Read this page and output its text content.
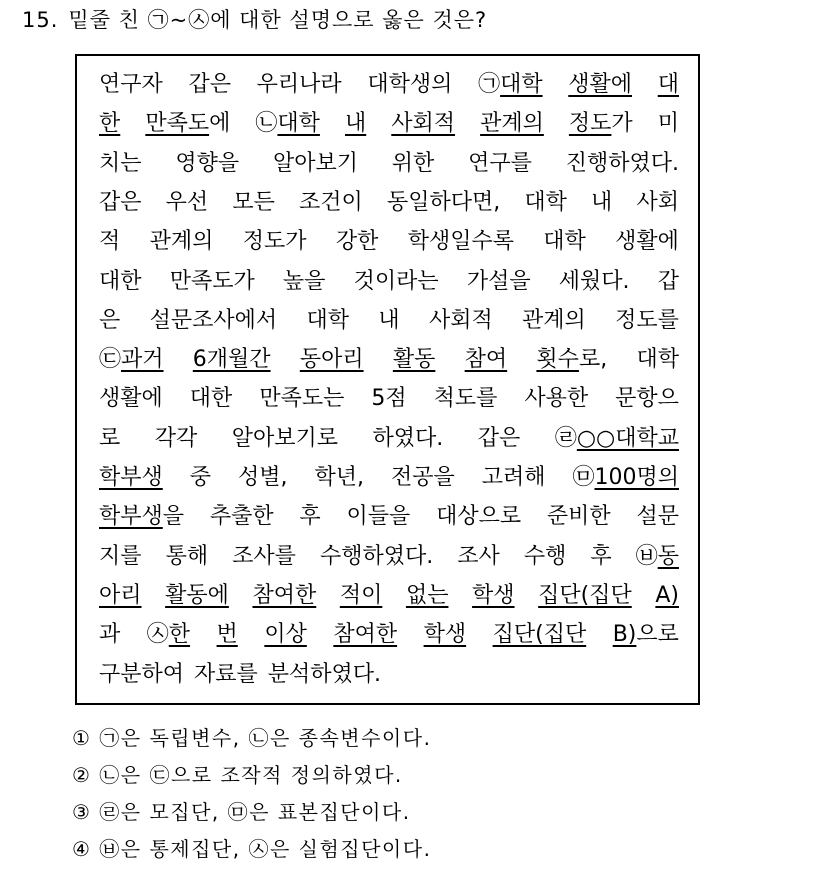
15. 밑줄 친 ㉠~㉦에 대한 설명으로 옳은 것은?
연구자 갑은 우리나라 대학생의 ㉠대학 생활에 대
한 만족도에 ㉡대학 내 사회적 관계의 정도가 미
치는 영향을 알아보기 위한 연구를 진행하였다.
갑은 우선 모든 조건이 동일하다면, 대학 내 사회
적 관계의 정도가 강한 학생일수록 대학 생활에
대한 만족도가 높을 것이라는 가설을 세웠다. 갑
은 설문조사에서 대학 내 사회적 관계의 정도를
㉢과거 6개월간 동아리 활동 참여 횟수로, 대학
생활에 대한 만족도는 5점 척도를 사용한 문항으
로 각각 알아보기로 하였다. 갑은 ㉣○○대학교
학부생 중 성별, 학년, 전공을 고려해 ㉤100명의
학부생을 추출한 후 이들을 대상으로 준비한 설문
지를 통해 조사를 수행하였다. 조사 수행 후 ㉥동
아리 활동에 참여한 적이 없는 학생 집단(집단 A)
과 ㉦한 번 이상 참여한 학생 집단(집단 B)으로
구분하여 자료를 분석하였다.
① ㉠은 독립변수, ㉡은 종속변수이다.
② ㉡은 ㉢으로 조작적 정의하였다.
③ ㉣은 모집단, ㉤은 표본집단이다.
④ ㉥은 통제집단, ㉦은 실험집단이다.
